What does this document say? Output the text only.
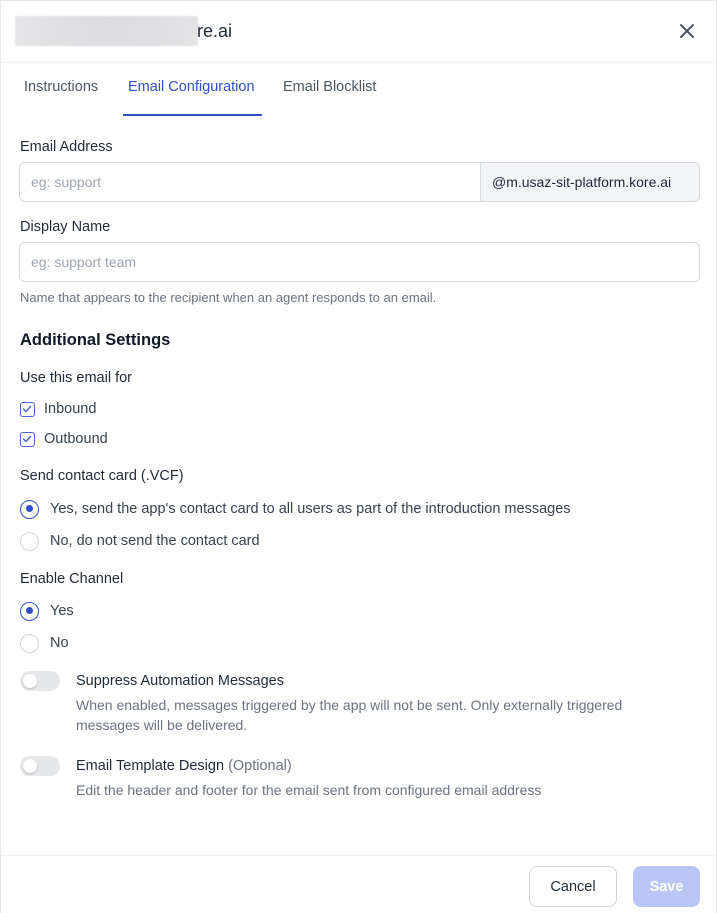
re.ai
Instructions Email Configuration Email Blocklist
Email Address
eg: support
@m.usaz-sit-platform.kore.ai
Display Name
eg: support team
Name that appears to the recipient when an agent responds to an email.
Additional Settings
Use this email for
Inbound
Outbound
Send contact card (.VCF)
Yes, send the app's contact card to all users as part of the introduction messages
No, do not send the contact card
Enable Channel
Yes
No
Suppress Automation Messages
When enabled, messages triggered by the app will not be sent. Only externally triggered messages will be delivered.
Email Template Design (Optional)
Edit the header and footer for the email sent from configured email address
Cancel	Save
